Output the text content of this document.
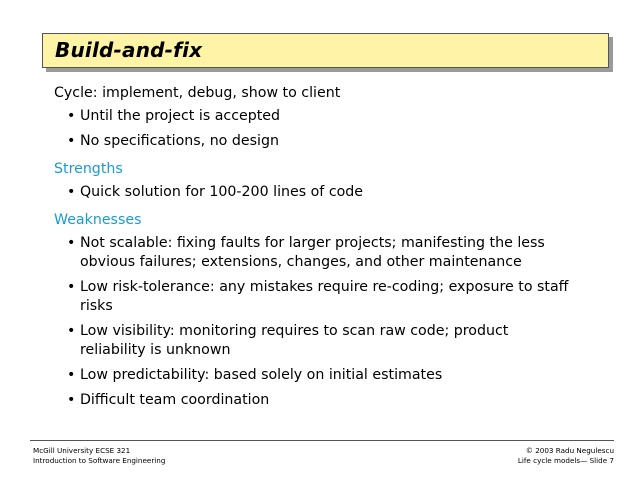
Build-and-fix
Cycle: implement, debug, show to client
• Until the project is accepted
• No specifications, no design
Strengths
• Quick solution for 100-200 lines of code
Weaknesses
• Not scalable: fixing faults for larger projects; manifesting the less
obvious failures; extensions, changes, and other maintenance
• Low risk-tolerance: any mistakes require re-coding; exposure to staff
risks
• Low visibility: monitoring requires to scan raw code; product
reliability is unknown
• Low predictability: based solely on initial estimates
• Difficult team coordination
McGill University ECSE 321
Introduction to Software Engineering
© 2003 Radu Negulescu
Life cycle models— Slide 7
